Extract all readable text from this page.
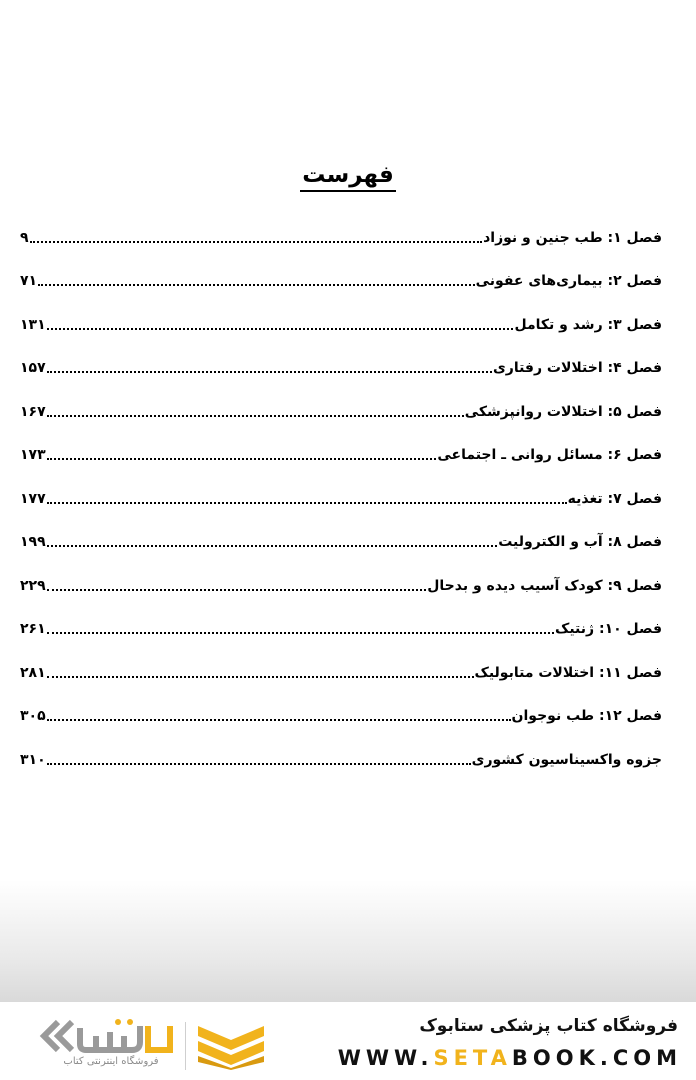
فهرست
فصل ۱: طب جنین و نوزاد
۹
فصل ۲: بیماری‌های عفونی
۷۱
فصل ۳: رشد و تکامل
۱۳۱
فصل ۴: اختلالات رفتاری
۱۵۷
فصل ۵: اختلالات روانپزشکی
۱۶۷
فصل ۶: مسائل روانی ـ اجتماعی
۱۷۳
فصل ۷: تغذیه
۱۷۷
فصل ۸: آب و الکترولیت
۱۹۹
فصل ۹: کودک آسیب دیده و بدحال
۲۲۹
فصل ۱۰: ژنتیک
۲۶۱
فصل ۱۱: اختلالات متابولیک
۲۸۱
فصل ۱۲: طب نوجوان
۳۰۵
جزوه واکسیناسیون کشوری
۳۱۰
فروشگاه کتاب پزشکی ستابوک
WWW.SETABOOK.COM
فروشگاه اینترنتی کتاب
